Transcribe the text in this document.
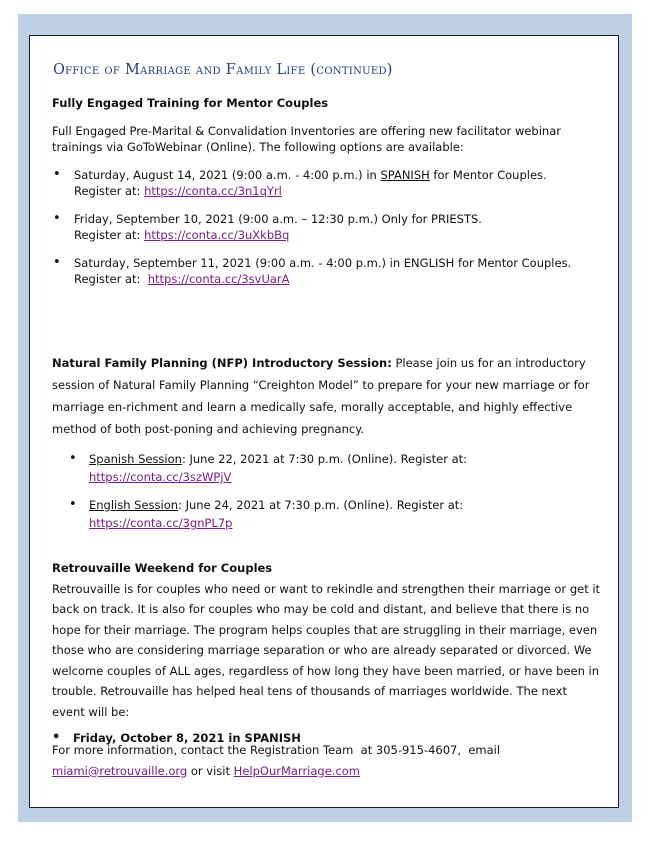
Office of Marriage and Family Life (continued)
Fully Engaged Training for Mentor Couples

Full Engaged Pre-Marital & Convalidation Inventories are offering new facilitator webinar trainings via GoToWebinar (Online). The following options are available:

• Saturday, August 14, 2021 (9:00 a.m. - 4:00 p.m.) in SPANISH for Mentor Couples.
Register at: https://conta.cc/3n1qYrl
• Friday, September 10, 2021 (9:00 a.m. – 12:30 p.m.) Only for PRIESTS.
Register at: https://conta.cc/3uXkbBq
• Saturday, September 11, 2021 (9:00 a.m. - 4:00 p.m.) in ENGLISH for Mentor Couples.
Register at:  https://conta.cc/3svUarA

Natural Family Planning (NFP) Introductory Session: Please join us for an introductory session of Natural Family Planning “Creighton Model” to prepare for your new marriage or for marriage en-richment and learn a medically safe, morally acceptable, and highly effective method of both post-poning and achieving pregnancy.

• Spanish Session: June 22, 2021 at 7:30 p.m. (Online). Register at: https://conta.cc/3szWPjV
• English Session: June 24, 2021 at 7:30 p.m. (Online). Register at: https://conta.cc/3gnPL7p

Retrouvaille Weekend for Couples

Retrouvaille is for couples who need or want to rekindle and strengthen their marriage or get it back on track. It is also for couples who may be cold and distant, and believe that there is no hope for their marriage. The program helps couples that are struggling in their marriage, even those who are considering marriage separation or who are already separated or divorced. We welcome couples of ALL ages, regardless of how long they have been married, or have been in trouble. Retrouvaille has helped heal tens of thousands of marriages worldwide. The next event will be:

• Friday, October 8, 2021 in SPANISH

For more information, contact the Registration Team  at 305-915-4607,  email miami@retrouvaille.org or visit HelpOurMarriage.com
